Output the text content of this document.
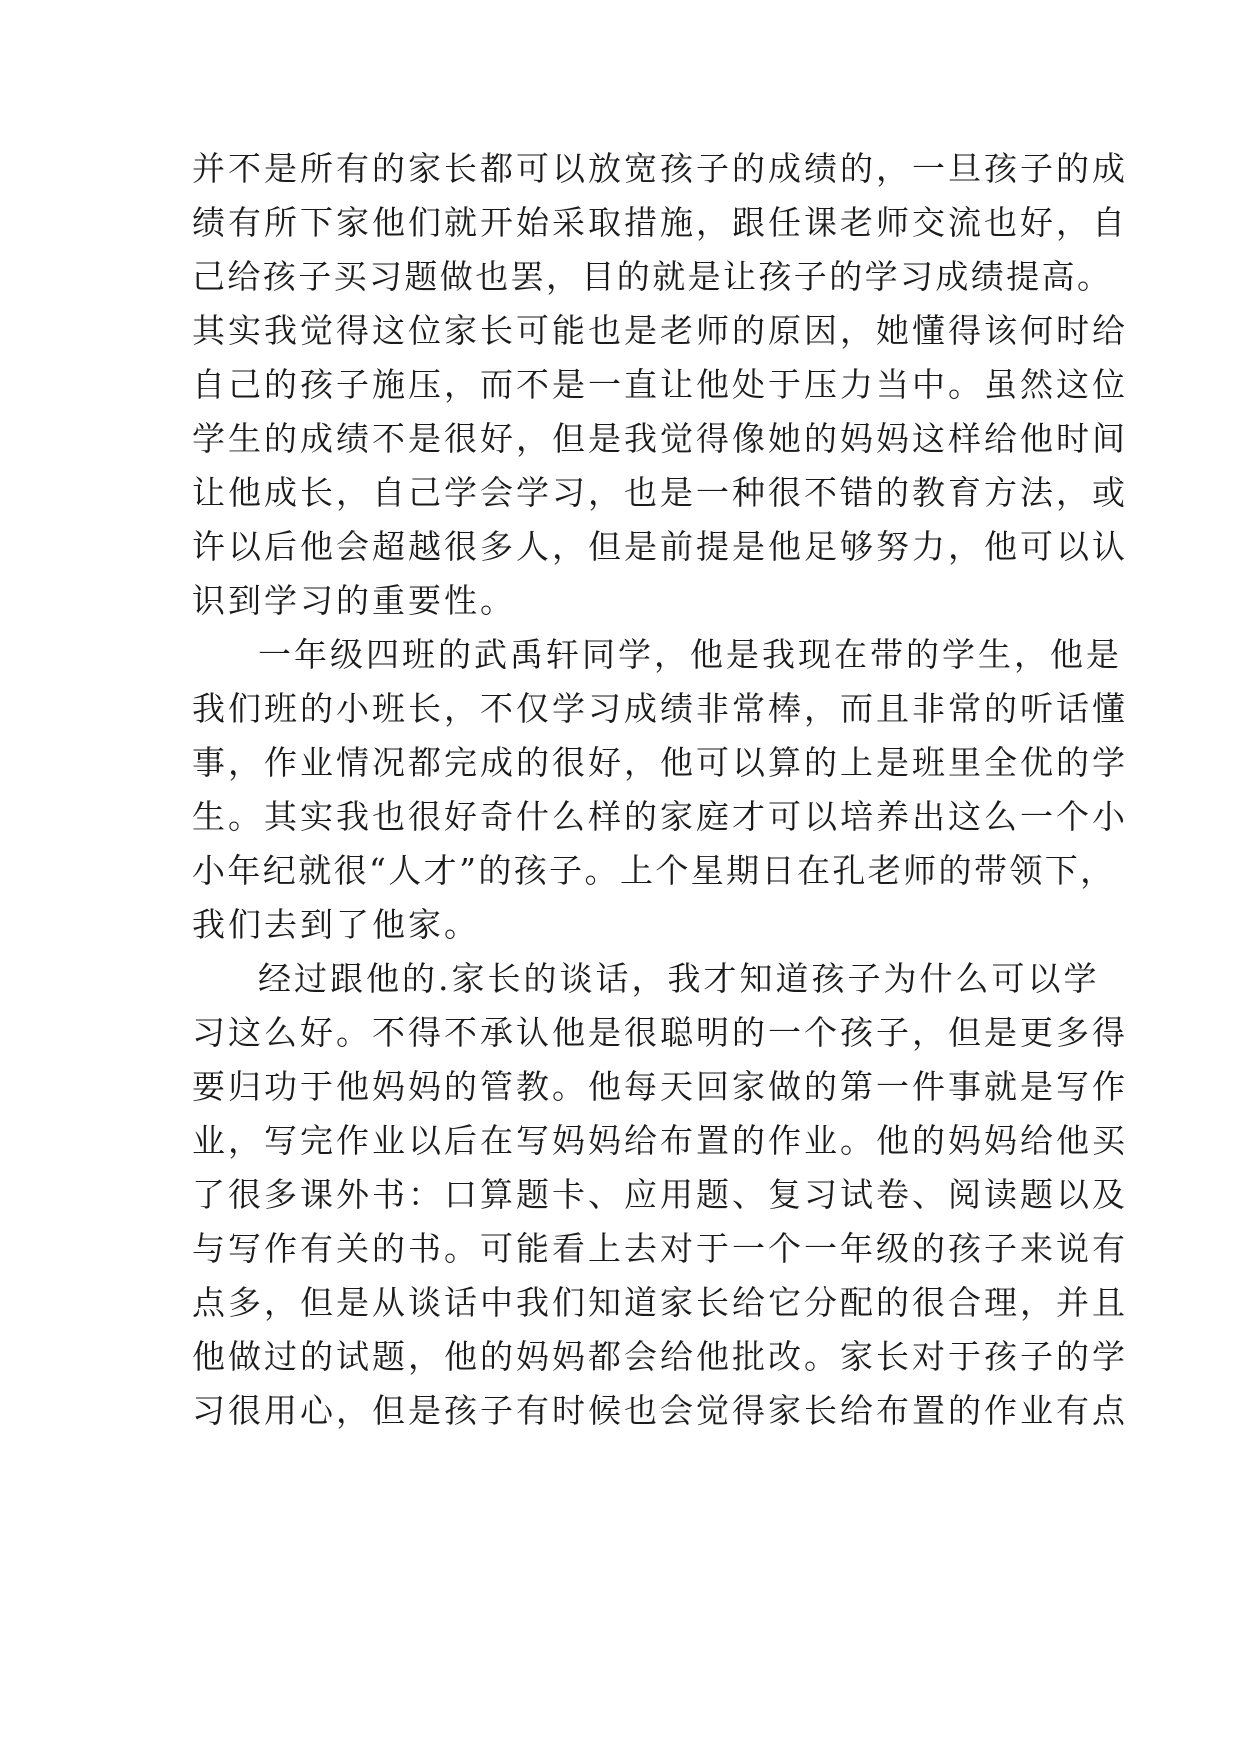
并不是所有的家长都可以放宽孩子的成绩的，一旦孩子的成

绩有所下家他们就开始采取措施，跟任课老师交流也好，自

己给孩子买习题做也罢，目的就是让孩子的学习成绩提高。

其实我觉得这位家长可能也是老师的原因，她懂得该何时给

自己的孩子施压，而不是一直让他处于压力当中。虽然这位

学生的成绩不是很好，但是我觉得像她的妈妈这样给他时间

让他成长，自己学会学习，也是一种很不错的教育方法，或

许以后他会超越很多人，但是前提是他足够努力，他可以认

识到学习的重要性。

一年级四班的武禹轩同学，他是我现在带的学生，他是

我们班的小班长，不仅学习成绩非常棒，而且非常的听话懂

事，作业情况都完成的很好，他可以算的上是班里全优的学

生。其实我也很好奇什么样的家庭才可以培养出这么一个小

小年纪就很“人才”的孩子。上个星期日在孔老师的带领下，

我们去到了他家。

经过跟他的.家长的谈话，我才知道孩子为什么可以学

习这么好。不得不承认他是很聪明的一个孩子，但是更多得

要归功于他妈妈的管教。他每天回家做的第一件事就是写作

业，写完作业以后在写妈妈给布置的作业。他的妈妈给他买

了很多课外书：口算题卡、应用题、复习试卷、阅读题以及

与写作有关的书。可能看上去对于一个一年级的孩子来说有

点多，但是从谈话中我们知道家长给它分配的很合理，并且

他做过的试题，他的妈妈都会给他批改。家长对于孩子的学

习很用心，但是孩子有时候也会觉得家长给布置的作业有点
